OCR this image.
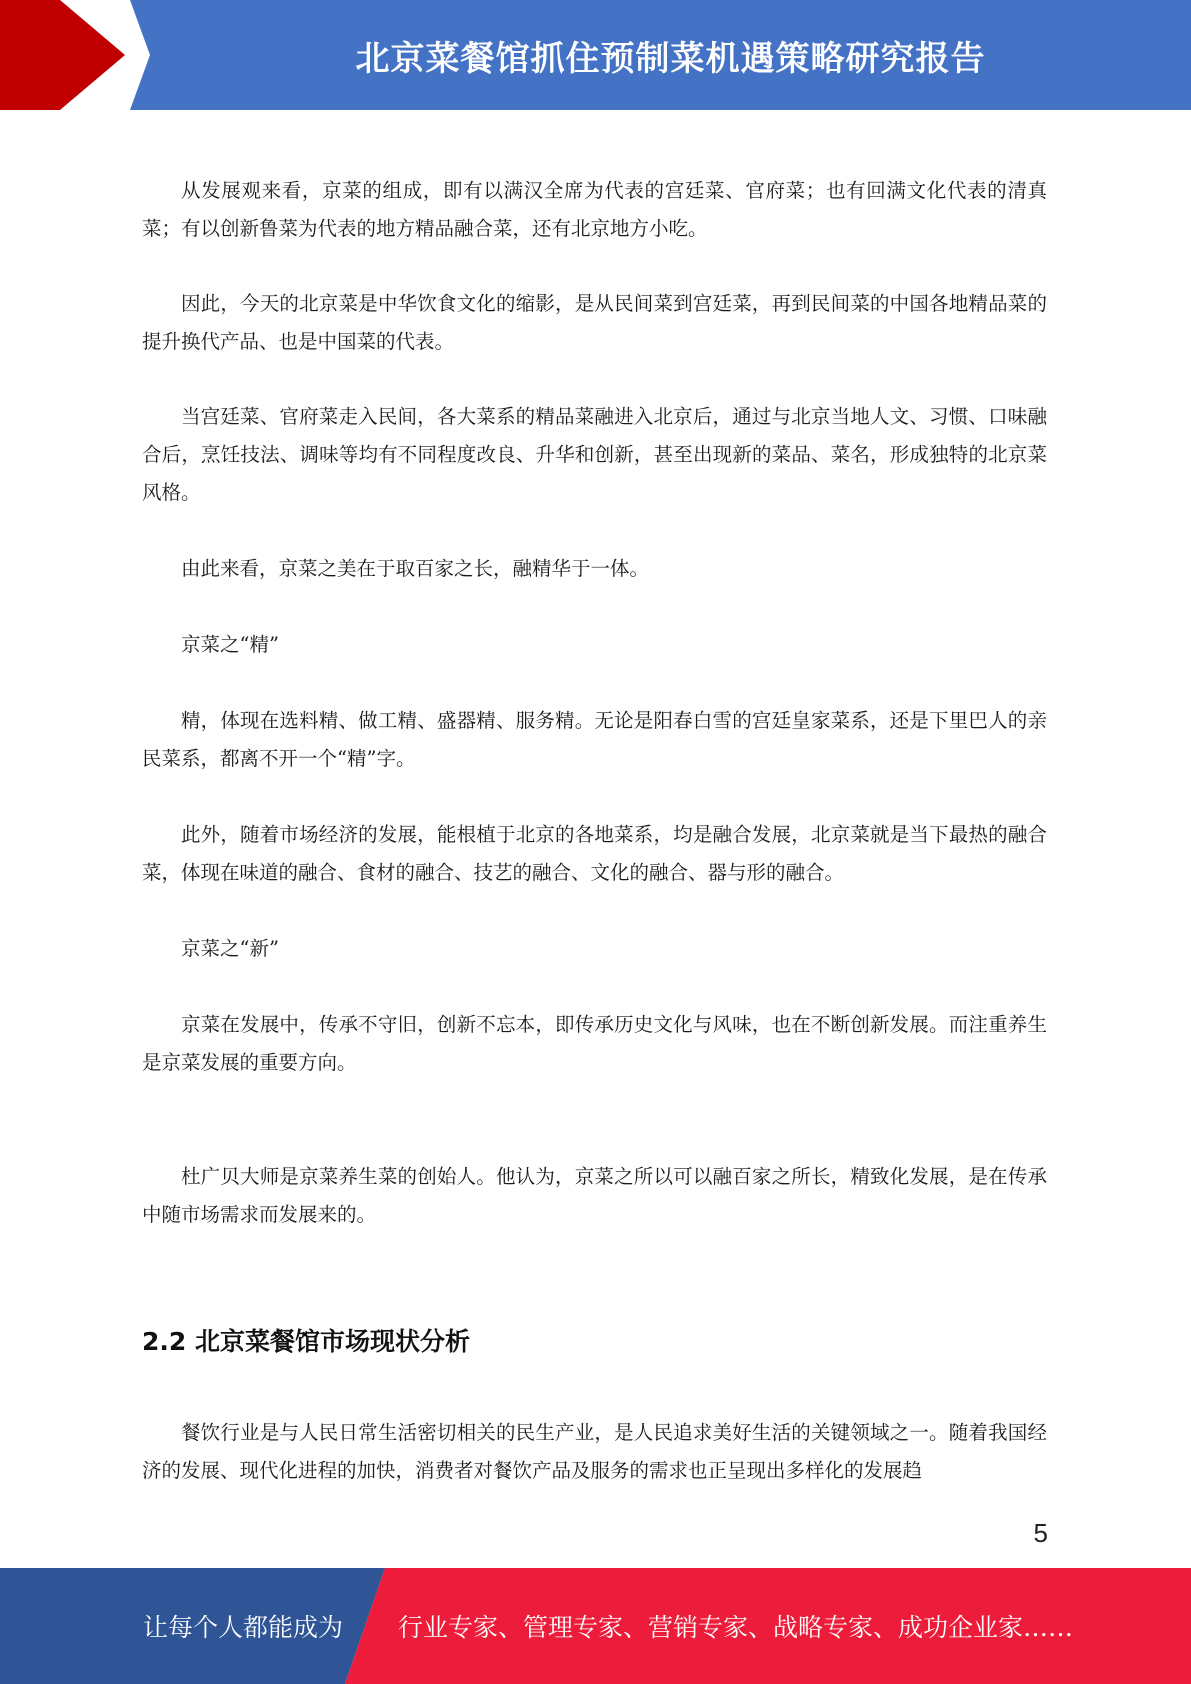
北京菜餐馆抓住预制菜机遇策略研究报告

从发展观来看，京菜的组成，即有以满汉全席为代表的宫廷菜、官府菜；也有回满文化代表的清真菜；有以创新鲁菜为代表的地方精品融合菜，还有北京地方小吃。

因此，今天的北京菜是中华饮食文化的缩影，是从民间菜到宫廷菜，再到民间菜的中国各地精品菜的提升换代产品、也是中国菜的代表。

当宫廷菜、官府菜走入民间，各大菜系的精品菜融进入北京后，通过与北京当地人文、习惯、口味融合后，烹饪技法、调味等均有不同程度改良、升华和创新，甚至出现新的菜品、菜名，形成独特的北京菜风格。

由此来看，京菜之美在于取百家之长，融精华于一体。

京菜之“精”

精，体现在选料精、做工精、盛器精、服务精。无论是阳春白雪的宫廷皇家菜系，还是下里巴人的亲民菜系，都离不开一个“精”字。

此外，随着市场经济的发展，能根植于北京的各地菜系，均是融合发展，北京菜就是当下最热的融合菜，体现在味道的融合、食材的融合、技艺的融合、文化的融合、器与形的融合。

京菜之“新”

京菜在发展中，传承不守旧，创新不忘本，即传承历史文化与风味，也在不断创新发展。而注重养生是京菜发展的重要方向。

杜广贝大师是京菜养生菜的创始人。他认为，京菜之所以可以融百家之所长，精致化发展，是在传承中随市场需求而发展来的。

2.2 北京菜餐馆市场现状分析

餐饮行业是与人民日常生活密切相关的民生产业，是人民追求美好生活的关键领域之一。随着我国经济的发展、现代化进程的加快，消费者对餐饮产品及服务的需求也正呈现出多样化的发展趋

5
让每个人都能成为 行业专家、管理专家、营销专家、战略专家、成功企业家……
